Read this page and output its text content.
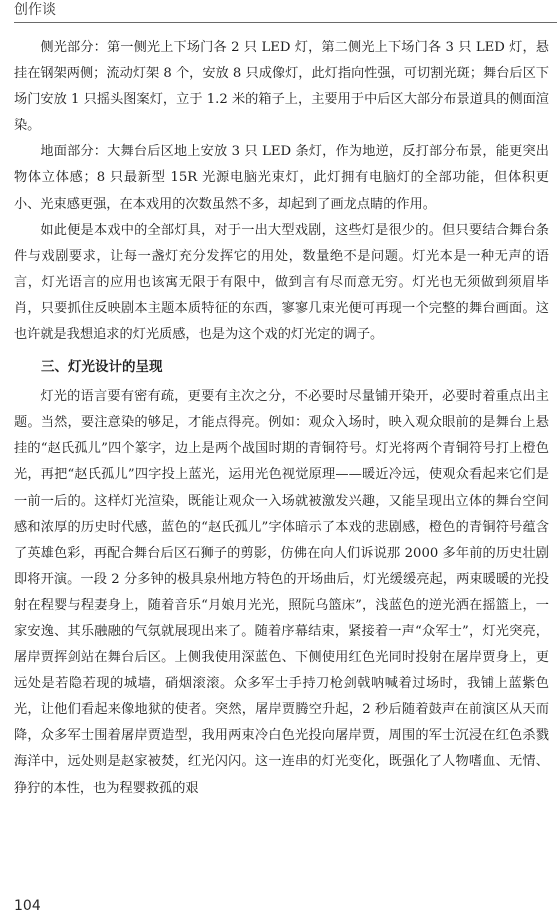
创作谈

侧光部分：第一侧光上下场门各 2 只 LED 灯，第二侧光上下场门各 3 只 LED 灯，悬挂在钢架两侧；流动灯架 8 个，安放 8 只成像灯，此灯指向性强，可切割光斑；舞台后区下场门安放 1 只摇头图案灯，立于 1.2 米的箱子上，主要用于中后区大部分布景道具的侧面渲染。

地面部分：大舞台后区地上安放 3 只 LED 条灯，作为地逆，反打部分布景，能更突出物体立体感；8 只最新型 15R 光源电脑光束灯，此灯拥有电脑灯的全部功能，但体积更小、光束感更强，在本戏用的次数虽然不多，却起到了画龙点睛的作用。

如此便是本戏中的全部灯具，对于一出大型戏剧，这些灯是很少的。但只要结合舞台条件与戏剧要求，让每一盏灯充分发挥它的用处，数量绝不是问题。灯光本是一种无声的语言，灯光语言的应用也该寓无限于有限中，做到言有尽而意无穷。灯光也无须做到须眉毕肖，只要抓住反映剧本主题本质特征的东西，寥寥几束光便可再现一个完整的舞台画面。这也许就是我想追求的灯光质感，也是为这个戏的灯光定的调子。

三、灯光设计的呈现

灯光的语言要有密有疏，更要有主次之分，不必要时尽量铺开染开，必要时着重点出主题。当然，要注意染的够足，才能点得亮。例如：观众入场时，映入观众眼前的是舞台上悬挂的“赵氏孤儿”四个篆字，边上是两个战国时期的青铜符号。灯光将两个青铜符号打上橙色光，再把“赵氏孤儿”四字投上蓝光，运用光色视觉原理——暖近冷远，使观众看起来它们是一前一后的。这样灯光渲染，既能让观众一入场就被激发兴趣，又能呈现出立体的舞台空间感和浓厚的历史时代感，蓝色的“赵氏孤儿”字体暗示了本戏的悲剧感，橙色的青铜符号蕴含了英雄色彩，再配合舞台后区石狮子的剪影，仿佛在向人们诉说那 2000 多年前的历史壮剧即将开演。一段 2 分多钟的极具泉州地方特色的开场曲后，灯光缓缓亮起，两束暖暖的光投射在程婴与程妻身上，随着音乐“月娘月光光，照阮乌篮床”，浅蓝色的逆光洒在摇篮上，一家安逸、其乐融融的气氛就展现出来了。随着序幕结束，紧接着一声“众军士”，灯光突亮，屠岸贾挥剑站在舞台后区。上侧我使用深蓝色、下侧使用红色光同时投射在屠岸贾身上，更远处是若隐若现的城墙，硝烟滚滚。众多军士手持刀枪剑戟呐喊着过场时，我铺上蓝紫色光，让他们看起来像地狱的使者。突然，屠岸贾腾空升起，2 秒后随着鼓声在前演区从天而降，众多军士围着屠岸贾造型，我用两束冷白色光投向屠岸贾，周围的军士沉浸在红色杀戮海洋中，远处则是赵家被焚，红光闪闪。这一连串的灯光变化，既强化了人物嗜血、无情、狰狞的本性，也为程婴救孤的艰

104
